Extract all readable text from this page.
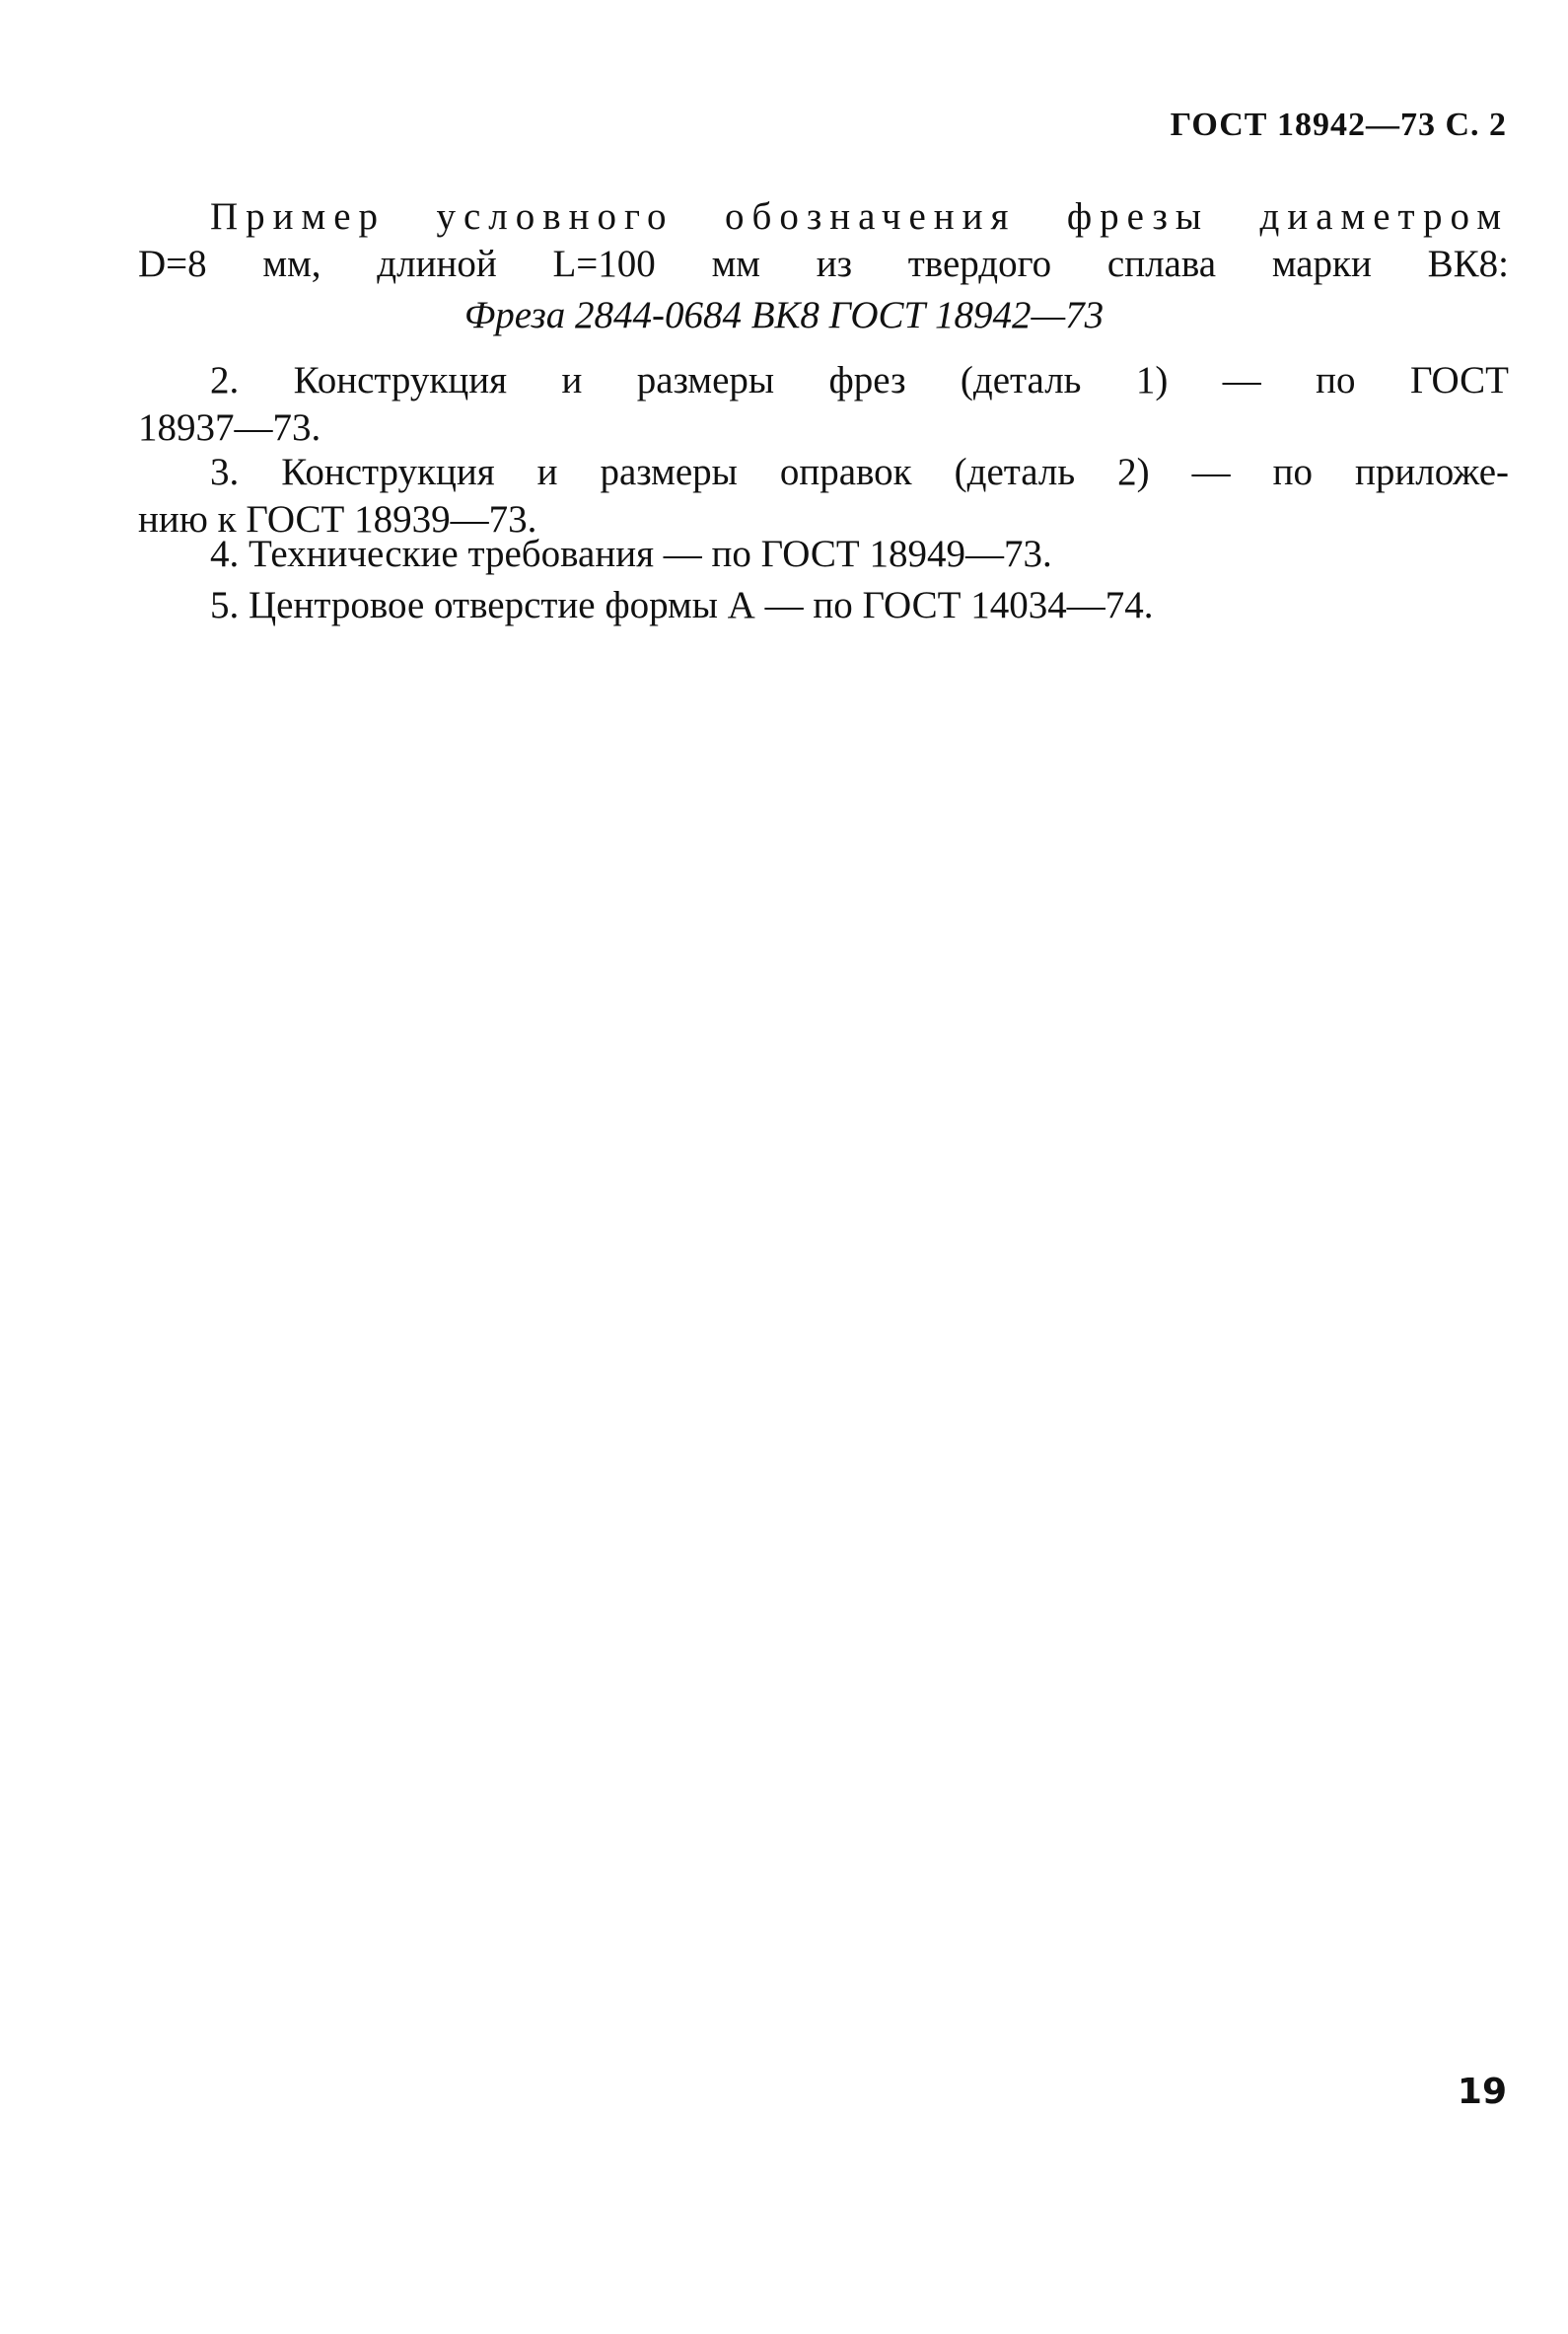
ГОСТ 18942—73 С. 2
Пример условного обозначения фрезы диаметром
D=8 мм, длиной L=100 мм из твердого сплава марки ВК8:
Фреза 2844-0684 ВК8 ГОСТ 18942—73
2. Конструкция и размеры фрез (деталь 1) — по ГОСТ
18937—73.
3. Конструкция и размеры оправок (деталь 2) — по приложе-
нию к ГОСТ 18939—73.
4. Технические требования — по ГОСТ 18949—73.
5. Центровое отверстие формы А — по ГОСТ 14034—74.
19
